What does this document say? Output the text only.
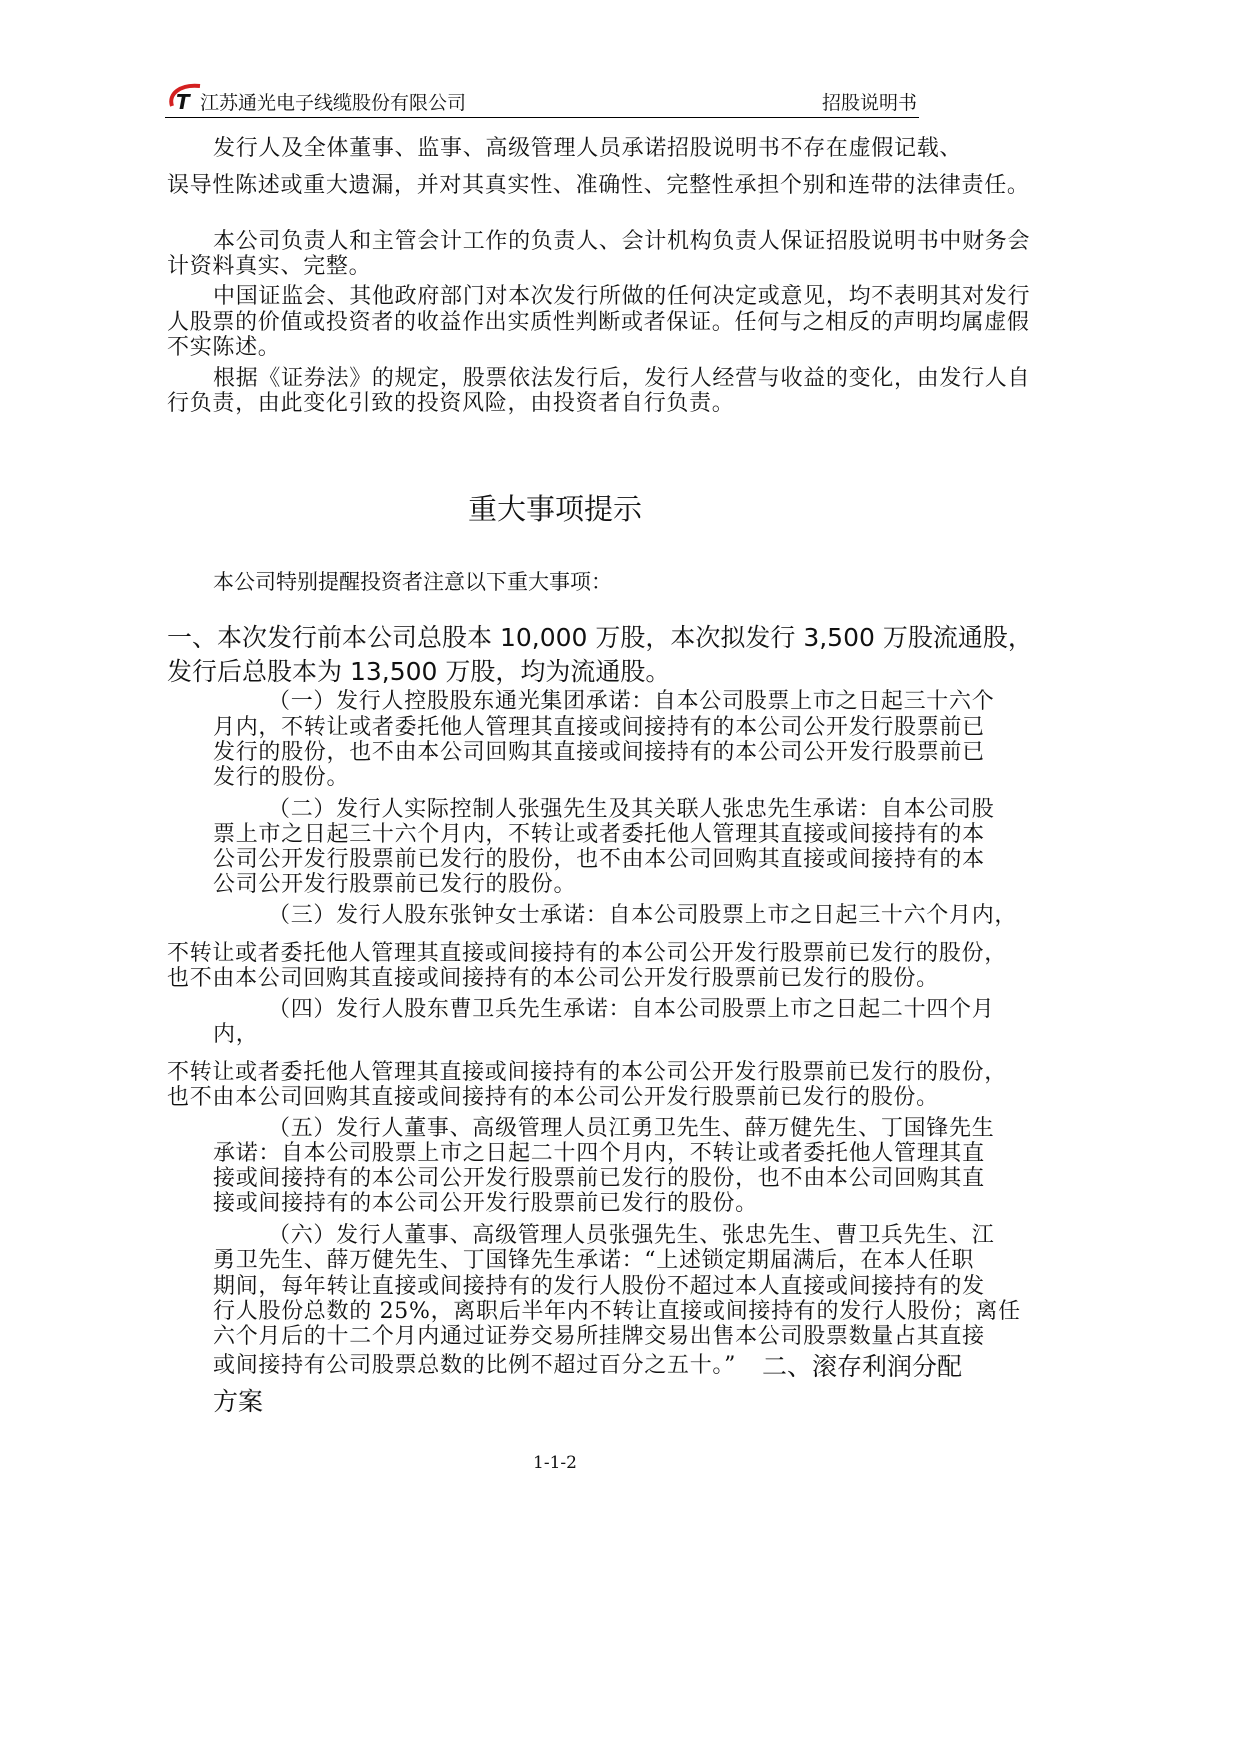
T 江苏通光电子线缆股份有限公司	招股说明书
发行人及全体董事、监事、高级管理人员承诺招股说明书不存在虚假记载、
误导性陈述或重大遗漏，并对其真实性、准确性、完整性承担个别和连带的法律责任。
本公司负责人和主管会计工作的负责人、会计机构负责人保证招股说明书中财务会
计资料真实、完整。
中国证监会、其他政府部门对本次发行所做的任何决定或意见，均不表明其对发行
人股票的价值或投资者的收益作出实质性判断或者保证。任何与之相反的声明均属虚假
不实陈述。
根据《证券法》的规定，股票依法发行后，发行人经营与收益的变化，由发行人自
行负责，由此变化引致的投资风险，由投资者自行负责。
重大事项提示
本公司特别提醒投资者注意以下重大事项：
一、本次发行前本公司总股本 10,000 万股，本次拟发行 3,500 万股流通股，
发行后总股本为 13,500 万股，均为流通股。
（一）发行人控股股东通光集团承诺：自本公司股票上市之日起三十六个
月内，不转让或者委托他人管理其直接或间接持有的本公司公开发行股票前已
发行的股份，也不由本公司回购其直接或间接持有的本公司公开发行股票前已
发行的股份。
（二）发行人实际控制人张强先生及其关联人张忠先生承诺：自本公司股
票上市之日起三十六个月内，不转让或者委托他人管理其直接或间接持有的本
公司公开发行股票前已发行的股份，也不由本公司回购其直接或间接持有的本
公司公开发行股票前已发行的股份。
（三）发行人股东张钟女士承诺：自本公司股票上市之日起三十六个月内，
不转让或者委托他人管理其直接或间接持有的本公司公开发行股票前已发行的股份，
也不由本公司回购其直接或间接持有的本公司公开发行股票前已发行的股份。
（四）发行人股东曹卫兵先生承诺：自本公司股票上市之日起二十四个月
内，
不转让或者委托他人管理其直接或间接持有的本公司公开发行股票前已发行的股份，
也不由本公司回购其直接或间接持有的本公司公开发行股票前已发行的股份。
（五）发行人董事、高级管理人员江勇卫先生、薛万健先生、丁国锋先生
承诺：自本公司股票上市之日起二十四个月内，不转让或者委托他人管理其直
接或间接持有的本公司公开发行股票前已发行的股份，也不由本公司回购其直
接或间接持有的本公司公开发行股票前已发行的股份。
（六）发行人董事、高级管理人员张强先生、张忠先生、曹卫兵先生、江
勇卫先生、薛万健先生、丁国锋先生承诺：“上述锁定期届满后，在本人任职
期间，每年转让直接或间接持有的发行人股份不超过本人直接或间接持有的发
行人股份总数的 25%，离职后半年内不转让直接或间接持有的发行人股份；离任
六个月后的十二个月内通过证券交易所挂牌交易出售本公司股票数量占其直接
或间接持有公司股票总数的比例不超过百分之五十。” 二、滚存利润分配
方案
1-1-2
